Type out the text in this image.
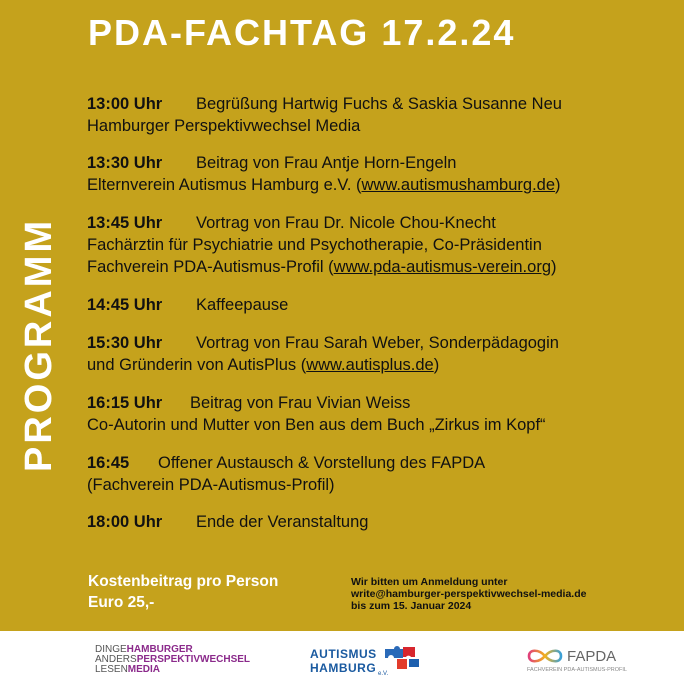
PDA-FACHTAG 17.2.24
PROGRAMM
13:00 Uhr Begrüßung Hartwig Fuchs & Saskia Susanne Neu
Hamburger Perspektivwechsel Media
13:30 Uhr Beitrag von Frau Antje Horn-Engeln
Elternverein Autismus Hamburg e.V. (www.autismushamburg.de)
13:45 Uhr Vortrag von Frau Dr. Nicole Chou-Knecht
Fachärztin für Psychiatrie und Psychotherapie, Co-Präsidentin
Fachverein PDA-Autismus-Profil (www.pda-autismus-verein.org)
14:45 Uhr Kaffeepause
15:30 Uhr Vortrag von Frau Sarah Weber, Sonderpädagogin
und Gründerin von AutisPlus (www.autisplus.de)
16:15 Uhr Beitrag von Frau Vivian Weiss
Co-Autorin und Mutter von Ben aus dem Buch „Zirkus im Kopf“
16:45 Offener Austausch & Vorstellung des FAPDA
(Fachverein PDA-Autismus-Profil)
18:00 Uhr Ende der Veranstaltung
Kostenbeitrag pro Person
Euro 25,-
Wir bitten um Anmeldung unter
write@hamburger-perspektivwechsel-media.de
bis zum 15. Januar 2024
DINGEHAMBURGER
ANDERSPERSPEKTIVWECHSEL
LESENMEDIA
AUTISMUS
HAMBURG e.V.
FAPDA
FACHVEREIN PDA-AUTISMUS-PROFIL
